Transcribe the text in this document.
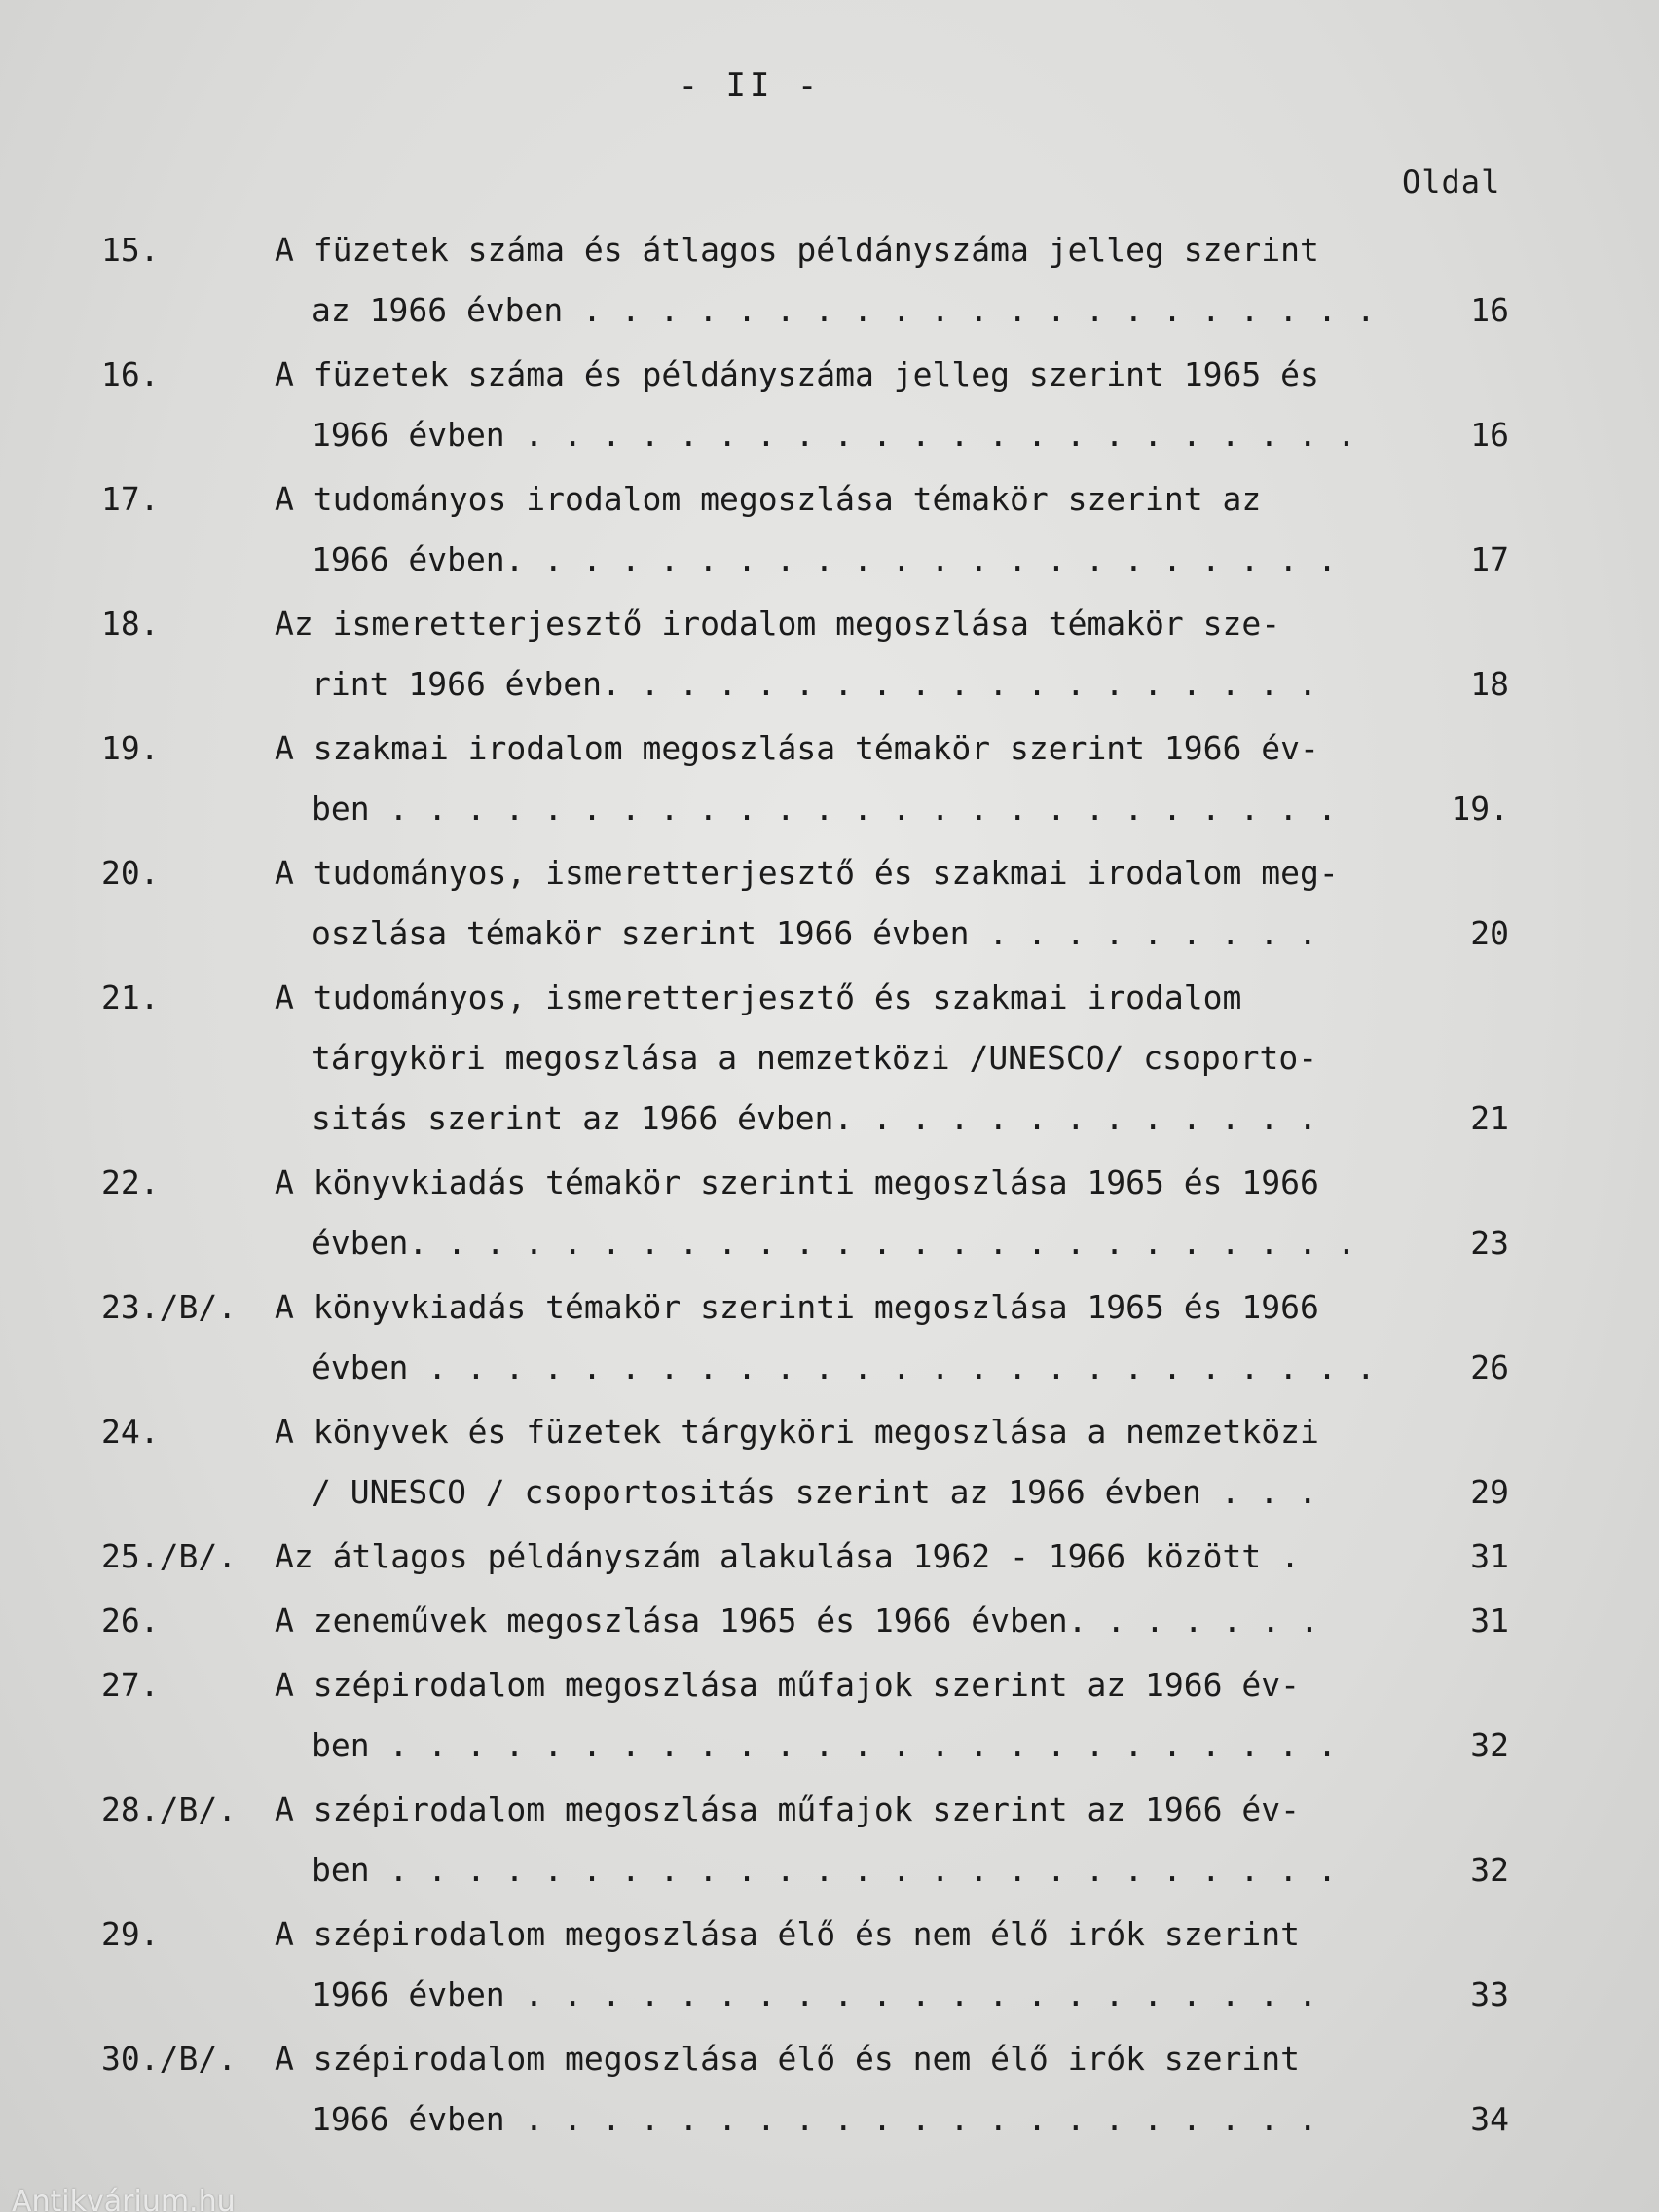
- II -
Oldal
15.	A füzetek száma és átlagos példányszáma jelleg szerint
az 1966 évben . . . . . . . . . . . . . . . . . . . . .	16
16.	A füzetek száma és példányszáma jelleg szerint 1965 és
1966 évben . . . . . . . . . . . . . . . . . . . . . .	16
17.	A tudományos irodalom megoszlása témakör szerint az
1966 évben. . . . . . . . . . . . . . . . . . . . . .	17
18.	Az ismeretterjesztő irodalom megoszlása témakör sze-
rint 1966 évben. . . . . . . . . . . . . . . . . . .	18
19.	A szakmai irodalom megoszlása témakör szerint 1966 év-
ben . . . . . . . . . . . . . . . . . . . . . . . . .	19.
20.	A tudományos, ismeretterjesztő és szakmai irodalom meg-
oszlása témakör szerint 1966 évben . . . . . . . . .	20
21.	A tudományos, ismeretterjesztő és szakmai irodalom
tárgyköri megoszlása a nemzetközi /UNESCO/ csoporto-
sitás szerint az 1966 évben. . . . . . . . . . . . .	21
22.	A könyvkiadás témakör szerinti megoszlása 1965 és 1966
évben. . . . . . . . . . . . . . . . . . . . . . . . .	23
23./B/. A könyvkiadás témakör szerinti megoszlása 1965 és 1966
évben . . . . . . . . . . . . . . . . . . . . . . . . .	26
24.	A könyvek és füzetek tárgyköri megoszlása a nemzetközi
/ UNESCO / csoportositás szerint az 1966 évben . . .	29
25./B/. Az átlagos példányszám alakulása 1962 - 1966 között .	31
26.	A zeneművek megoszlása 1965 és 1966 évben. . . . . . .	31
27.	A szépirodalom megoszlása műfajok szerint az 1966 év-
ben . . . . . . . . . . . . . . . . . . . . . . . . .	32
28./B/. A szépirodalom megoszlása műfajok szerint az 1966 év-
ben . . . . . . . . . . . . . . . . . . . . . . . . .	32
29.	A szépirodalom megoszlása élő és nem élő irók szerint
1966 évben . . . . . . . . . . . . . . . . . . . . .	33
30./B/. A szépirodalom megoszlása élő és nem élő irók szerint
1966 évben . . . . . . . . . . . . . . . . . . . . .	34
Antikvárium.hu
